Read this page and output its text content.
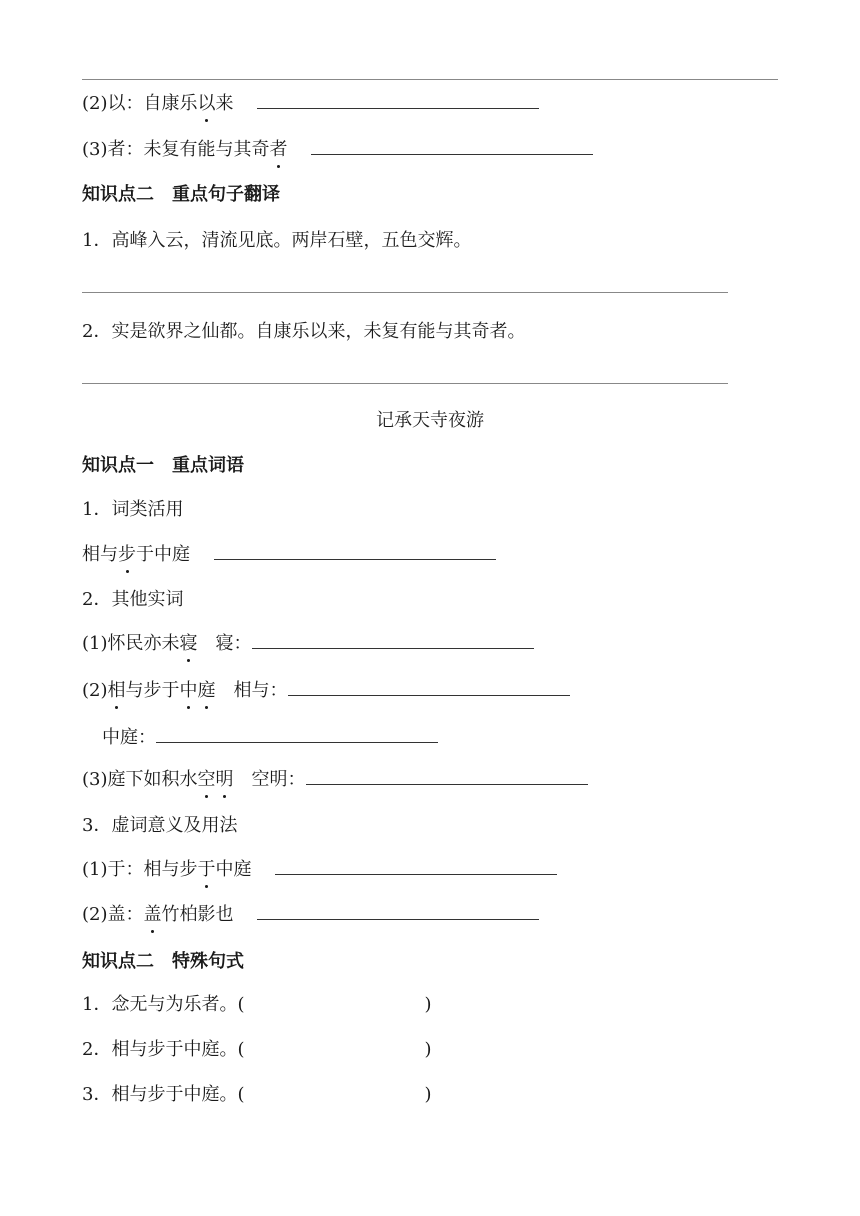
(2)以：自康乐以来
(3)者：未复有能与其奇者
知识点二　重点句子翻译
1．高峰入云，清流见底。两岸石壁，五色交辉。
2．实是欲界之仙都。自康乐以来，未复有能与其奇者。
记承天寺夜游
知识点一　重点词语
1．词类活用
相与步于中庭
2．其他实词
(1)怀民亦未寝　寝：
(2)相与步于中庭　相与：
中庭：
(3)庭下如积水空明　空明：
3．虚词意义及用法
(1)于：相与步于中庭
(2)盖：盖竹柏影也
知识点二　特殊句式
1．念无与为乐者。(	)
2．相与步于中庭。(	)
3．相与步于中庭。(	)
